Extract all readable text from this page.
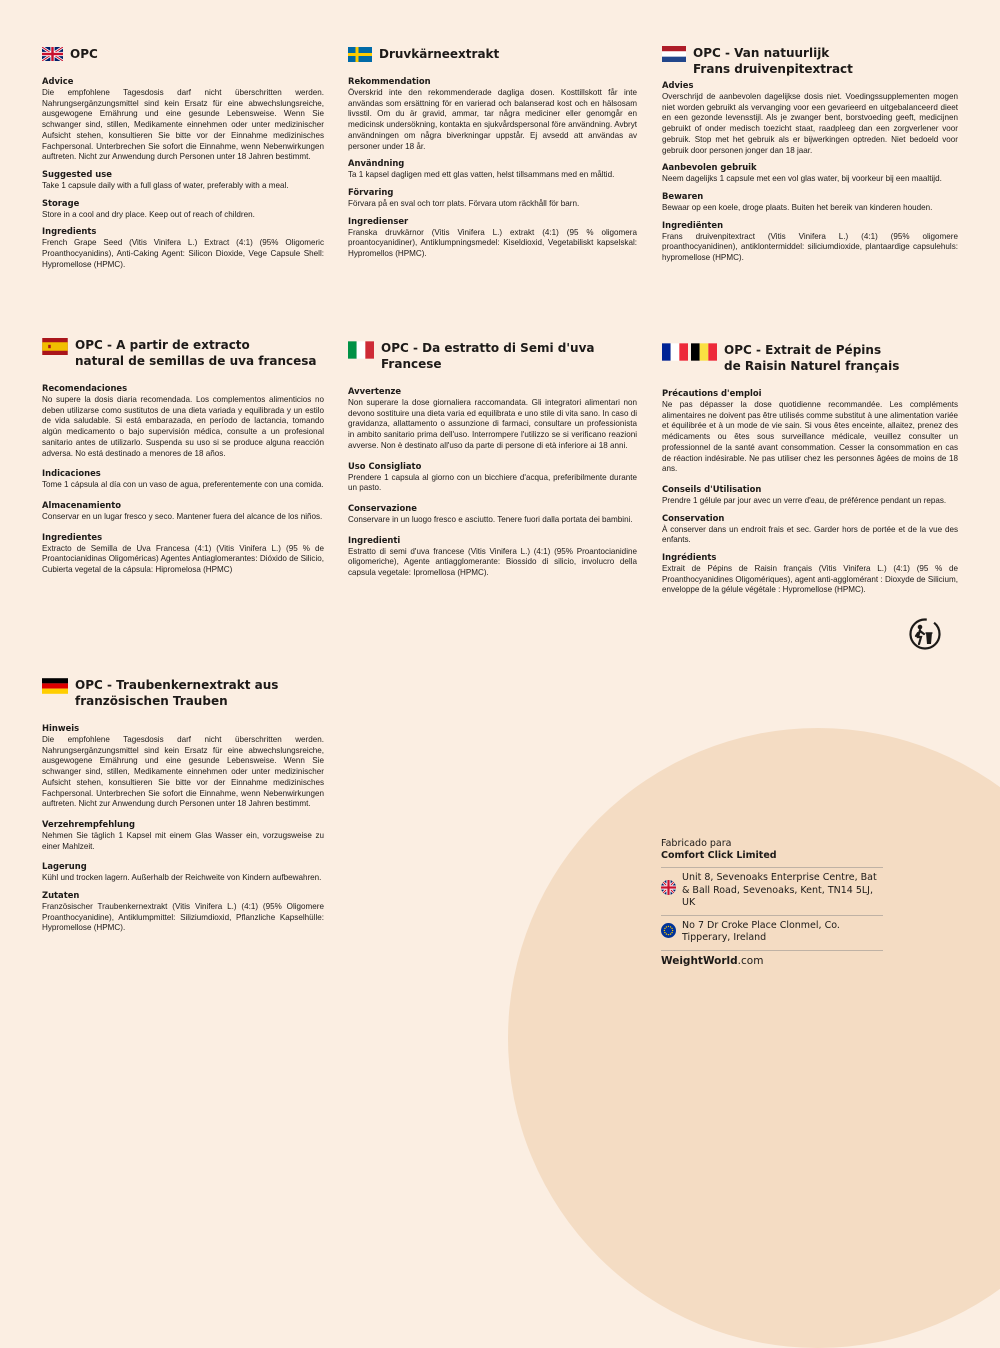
OPC
Advice

Die empfohlene Tagesdosis darf nicht überschritten werden. Nahrungsergänzungsmittel sind kein Ersatz für eine abwechslungsreiche, ausgewogene Ernährung und eine gesunde Lebensweise. Wenn Sie schwanger sind, stillen, Medikamente einnehmen oder unter medizinischer Aufsicht stehen, konsultieren Sie bitte vor der Einnahme medizinisches Fachpersonal. Unterbrechen Sie sofort die Einnahme, wenn Nebenwirkungen auftreten. Nicht zur Anwendung durch Personen unter 18 Jahren bestimmt.

Suggested use

Take 1 capsule daily with a full glass of water, preferably with a meal.

Storage

Store in a cool and dry place. Keep out of reach of children.

Ingredients

French Grape Seed (Vitis Vinifera L.) Extract (4:1) (95% Oligomeric Proanthocyanidins), Anti-Caking Agent: Silicon Dioxide, Vege Capsule Shell: Hypromellose (HPMC).

Druvkärneextrakt
Rekommendation

Överskrid inte den rekommenderade dagliga dosen. Kosttillskott får inte användas som ersättning för en varierad och balanserad kost och en hälsosam livsstil. Om du är gravid, ammar, tar några mediciner eller genomgår en medicinsk undersökning, kontakta en sjukvårdspersonal före användning. Avbryt användningen om några biverkningar uppstår. Ej avsedd att användas av personer under 18 år.

Användning

Ta 1 kapsel dagligen med ett glas vatten, helst tillsammans med en måltid.

Förvaring

Förvara på en sval och torr plats. Förvara utom räckhåll för barn.

Ingredienser

Franska druvkärnor (Vitis Vinifera L.) extrakt (4:1) (95 % oligomera proantocyanidiner), Antiklumpningsmedel: Kiseldioxid, Vegetabiliskt kapselskal: Hypromellos (HPMC).

OPC - Van natuurlijk
Frans druivenpitextract
Advies

Overschrijd de aanbevolen dagelijkse dosis niet. Voedingssupplementen mogen niet worden gebruikt als vervanging voor een gevarieerd en uitgebalanceerd dieet en een gezonde levensstijl. Als je zwanger bent, borstvoeding geeft, medicijnen gebruikt of onder medisch toezicht staat, raadpleeg dan een zorgverlener voor gebruik. Stop met het gebruik als er bijwerkingen optreden. Niet bedoeld voor gebruik door personen jonger dan 18 jaar.

Aanbevolen gebruik

Neem dagelijks 1 capsule met een vol glas water, bij voorkeur bij een maaltijd.

Bewaren

Bewaar op een koele, droge plaats. Buiten het bereik van kinderen houden.

Ingrediënten

Frans druivenpitextract (Vitis Vinifera L.) (4:1) (95% oligomere proanthocyanidinen), antiklontermiddel: siliciumdioxide, plantaardige capsulehuls: hypromellose (HPMC).

OPC - A partir de extracto
natural de semillas de uva francesa
Recomendaciones

No supere la dosis diaria recomendada. Los complementos alimenticios no deben utilizarse como sustitutos de una dieta variada y equilibrada y un estilo de vida saludable. Si está embarazada, en período de lactancia, tomando algún medicamento o bajo supervisión médica, consulte a un profesional sanitario antes de utilizarlo. Suspenda su uso si se produce alguna reacción adversa. No está destinado a menores de 18 años.

Indicaciones

Tome 1 cápsula al día con un vaso de agua, preferentemente con una comida.

Almacenamiento

Conservar en un lugar fresco y seco. Mantener fuera del alcance de los niños.

Ingredientes

Extracto de Semilla de Uva Francesa (4:1) (Vitis Vinifera L.) (95 % de Proantocianidinas Oligoméricas) Agentes Antiaglomerantes: Dióxido de Silicio, Cubierta vegetal de la cápsula: Hipromelosa (HPMC)

OPC - Da estratto di Semi d'uva
Francese
Avvertenze

Non superare la dose giornaliera raccomandata. Gli integratori alimentari non devono sostituire una dieta varia ed equilibrata e uno stile di vita sano. In caso di gravidanza, allattamento o assunzione di farmaci, consultare un professionista in ambito sanitario prima dell'uso. Interrompere l'utilizzo se si verificano reazioni avverse. Non è destinato all'uso da parte di persone di età inferiore ai 18 anni.

Uso Consigliato

Prendere 1 capsula al giorno con un bicchiere d'acqua, preferibilmente durante un pasto.

Conservazione

Conservare in un luogo fresco e asciutto. Tenere fuori dalla portata dei bambini.

Ingredienti

Estratto di semi d'uva francese (Vitis Vinifera L.) (4:1) (95% Proantocianidine oligomeriche), Agente antiagglomerante: Biossido di silicio, involucro della capsula vegetale: Ipromellosa (HPMC).

OPC - Extrait de Pépins
de Raisin Naturel français
Précautions d'emploi

Ne pas dépasser la dose quotidienne recommandée. Les compléments alimentaires ne doivent pas être utilisés comme substitut à une alimentation variée et équilibrée et à un mode de vie sain. Si vous êtes enceinte, allaitez, prenez des médicaments ou êtes sous surveillance médicale, veuillez consulter un professionnel de la santé avant consommation. Cesser la consommation en cas de réaction indésirable. Ne pas utiliser chez les personnes âgées de moins de 18 ans.

Conseils d'Utilisation

Prendre 1 gélule par jour avec un verre d'eau, de préférence pendant un repas.

Conservation

À conserver dans un endroit frais et sec. Garder hors de portée et de la vue des enfants.

Ingrédients

Extrait de Pépins de Raisin français (Vitis Vinifera L.) (4:1) (95 % de Proanthocyanidines Oligomériques), agent anti-agglomérant : Dioxyde de Silicium, enveloppe de la gélule végétale : Hypromellose (HPMC).

OPC - Traubenkernextrakt aus
französischen Trauben
Hinweis

Die empfohlene Tagesdosis darf nicht überschritten werden. Nahrungsergänzungsmittel sind kein Ersatz für eine abwechslungsreiche, ausgewogene Ernährung und eine gesunde Lebensweise. Wenn Sie schwanger sind, stillen, Medikamente einnehmen oder unter medizinischer Aufsicht stehen, konsultieren Sie bitte vor der Einnahme medizinisches Fachpersonal. Unterbrechen Sie sofort die Einnahme, wenn Nebenwirkungen auftreten. Nicht zur Anwendung durch Personen unter 18 Jahren bestimmt.

Verzehrempfehlung

Nehmen Sie täglich 1 Kapsel mit einem Glas Wasser ein, vorzugsweise zu einer Mahlzeit.

Lagerung

Kühl und trocken lagern. Außerhalb der Reichweite von Kindern aufbewahren.

Zutaten

Französischer Traubenkernextrakt (Vitis Vinifera L.) (4:1) (95% Oligomere Proanthocyanidine), Antiklumpmittel: Siliziumdioxid, Pflanzliche Kapselhülle: Hypromellose (HPMC).

Fabricado para
Comfort Click Limited
Unit 8, Sevenoaks Enterprise Centre, Bat & Ball Road, Sevenoaks, Kent, TN14 5LJ, UK
No 7 Dr Croke Place Clonmel, Co. Tipperary, Ireland
WeightWorld.com
